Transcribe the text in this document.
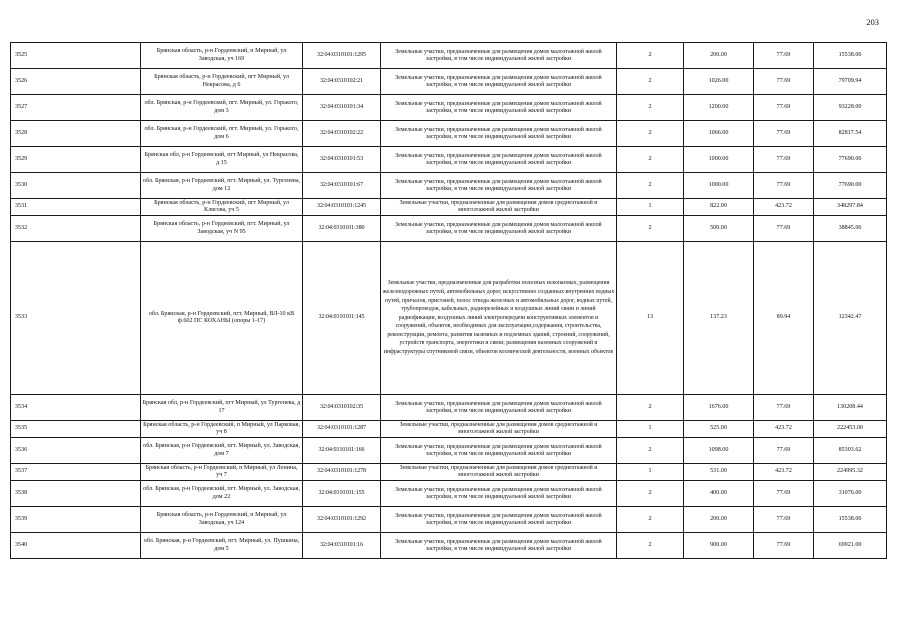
203
3525	Брянская область, р-н Гордеевский, п Мирный, ул Заводская, уч 169	32:04:0310101:1295	Земельные участки, предназначенные для размещения домов малоэтажной жилой застройки, в том числе индивидуальной жилой застройки	2	200.00	77.69	15538.00
3526	Брянская область, р-н Гордеевский, пгт Мирный, ул Некрасова, д 6	32:04:0310102:21	Земельные участки, предназначенные для размещения домов малоэтажной жилой застройки, в том числе индивидуальной жилой застройки	2	1026.00	77.69	79709.94
3527	обл. Брянская, р-н Гордеевский, пгт. Мирный, ул. Горького, дом 3	32:04:0310101:34	Земельные участки, предназначенные для размещения домов малоэтажной жилой застройки, в том числе индивидуальной жилой застройки	2	1200.00	77.69	93228.00
3528	обл. Брянская, р-н Гордеевский, пгт. Мирный, ул. Горького, дом 6	32:04:0310102:22	Земельные участки, предназначенные для размещения домов малоэтажной жилой застройки, в том числе индивидуальной жилой застройки	2	1066.00	77.69	82817.54
3529	Брянская обл, р-н Гордеевский, пгт Мирный, ул Некрасова, д 15	32:04:0310101:53	Земельные участки, предназначенные для размещения домов малоэтажной жилой застройки, в том числе индивидуальной жилой застройки	2	1000.00	77.69	77690.00
3530	обл. Брянская, р-н Гордеевский, пгт. Мирный, ул. Тургенева, дом 12	32:04:0310101:67	Земельные участки, предназначенные для размещения домов малоэтажной жилой застройки, в том числе индивидуальной жилой застройки	2	1000.00	77.69	77690.00
3531	Брянская область, р-н Гордеевский, пгт Мирный, ул Клясова, уч 5	32:04:0310101:1245	Земельные участки, предназначенные для размещения домов среднеэтажной и многоэтажной жилой застройки	1	822.00	423.72	348297.84
3532	Брянская область, р-н Гордеевский, пгт. Мирный, ул Заводская, уч N 95	32:04:0310101:380	Земельные участки, предназначенные для размещения домов малоэтажной жилой застройки, в том числе индивидуальной жилой застройки	2	500.00	77.69	38845.00
3533	обл. Брянская, р-н Гордеевский, пгт. Мирный, ВЛ-10 кВ ф.602 ПС КОХАНЫ (опоры 1-17)	32:04:0310101:145	Земельные участки, предназначенные для разработки полезных ископаемых, размещения железнодорожных путей, автомобильных дорог, искусственно созданных внутренних водных путей, причалов, пристаней, полос отвода железных и автомобильных дорог, водных путей, трубопроводов, кабельных, радиорелейных и воздушных линий связи и линий радиофикации, воздушных линий электропередачи конструктивных элементов и сооружений, объектов, необходимых для эксплуатации,содержания, строительства, реконструкции, ремонта, развития наземных и подземных зданий, строений, сооружений, устройств транспорта, энергетики и связи; размещения наземных сооружений и инфраструктуры спутниковой связи, объектов космической деятельности, военных объектов	13	137.23	89.94	12342.47
3534	Брянская обл, р-н Гордеевский, пгт Мирный, ул Тургенева, д 17	32:04:0310102:35	Земельные участки, предназначенные для размещения домов малоэтажной жилой застройки, в том числе индивидуальной жилой застройки	2	1676.00	77.69	130208.44
3535	Брянская область, р-н Гордеевский, п Мирный, ул Парковая, уч 8	32:04:0310101:1287	Земельные участки, предназначенные для размещения домов среднеэтажной и многоэтажной жилой застройки	1	525.00	423.72	222453.00
3536	обл. Брянская, р-н Гордеевский, пгт. Мирный, ул. Заводская, дом 7	32:04:0310101:166	Земельные участки, предназначенные для размещения домов малоэтажной жилой застройки, в том числе индивидуальной жилой застройки	2	1098.00	77.69	85303.62
3537	Брянская область, р-н Гордеевский, п Мирный, ул Ленина, уч 7	32:04:0310101:1278	Земельные участки, предназначенные для размещения домов среднеэтажной и многоэтажной жилой застройки	1	531.00	423.72	224995.32
3538	обл. Брянская, р-н Гордеевский, пгт. Мирный, ул. Заводская, дом 22	32:04:0310101:155	Земельные участки, предназначенные для размещения домов малоэтажной жилой застройки, в том числе индивидуальной жилой застройки	2	400.00	77.69	31076.00
3539	Брянская область, р-н Гордеевский, п Мирный, ул Заводская, уч 124	32:04:0310101:1292	Земельные участки, предназначенные для размещения домов малоэтажной жилой застройки, в том числе индивидуальной жилой застройки	2	200.00	77.69	15538.00
3540	обл. Брянская, р-н Гордеевский, пгт. Мирный, ул. Пушкина, дом 5	32:04:0310101:16	Земельные участки, предназначенные для размещения домов малоэтажной жилой застройки, в том числе индивидуальной жилой застройки	2	900.00	77.69	69921.00
